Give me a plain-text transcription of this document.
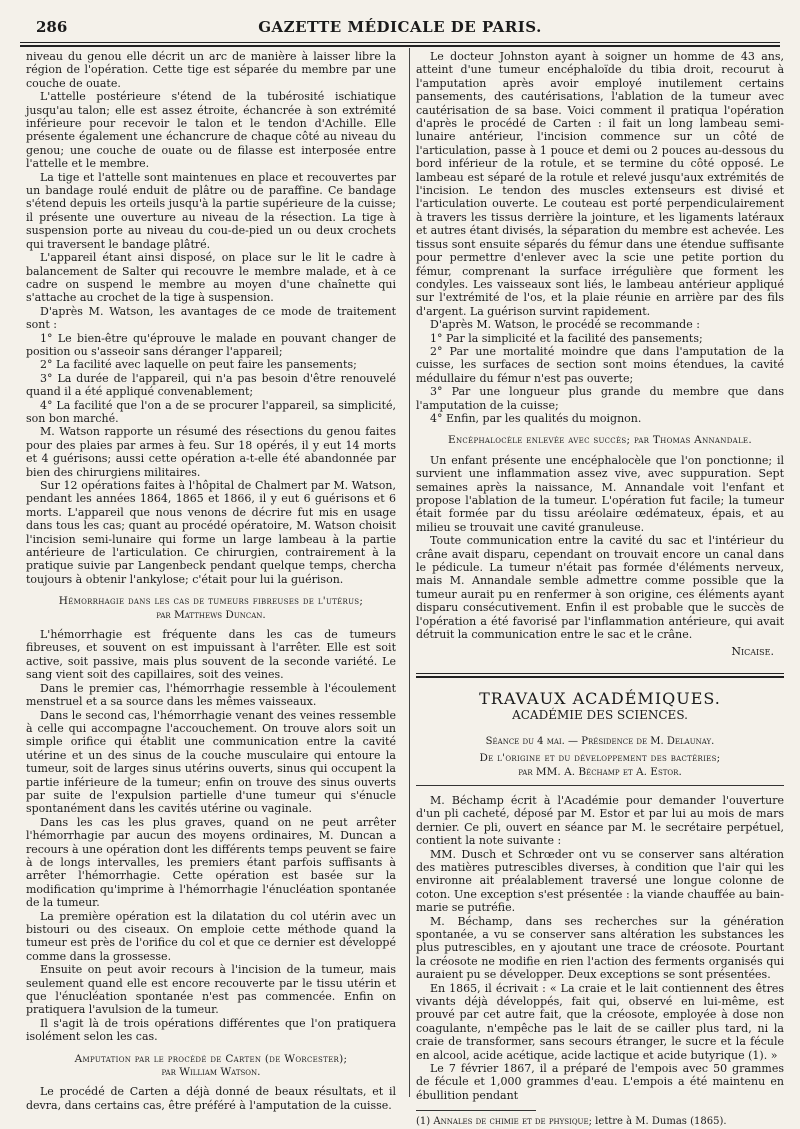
286	GAZETTE MÉDICALE DE PARIS.

niveau du genou elle décrit un arc de manière à laisser libre la région de l'opération. Cette tige est séparée du membre par une couche de ouate.

L'attelle postérieure s'étend de la tubérosité ischiatique jusqu'au talon; elle est assez étroite, échancrée à son extrémité inférieure pour recevoir le talon et le tendon d'Achille. Elle présente également une échancrure de chaque côté au niveau du genou; une couche de ouate ou de filasse est interposée entre l'attelle et le membre.

La tige et l'attelle sont maintenues en place et recouvertes par un bandage roulé enduit de plâtre ou de paraffine. Ce bandage s'étend depuis les orteils jusqu'à la partie supérieure de la cuisse; il présente une ouverture au niveau de la résection. La tige à suspension porte au niveau du cou-de-pied un ou deux crochets qui traversent le bandage plâtré.

L'appareil étant ainsi disposé, on place sur le lit le cadre à balancement de Salter qui recouvre le membre malade, et à ce cadre on suspend le membre au moyen d'une chaînette qui s'attache au crochet de la tige à suspension.

D'après M. Watson, les avantages de ce mode de traitement sont :

1° Le bien-être qu'éprouve le malade en pouvant changer de position ou s'asseoir sans déranger l'appareil;

2° La facilité avec laquelle on peut faire les pansements;

3° La durée de l'appareil, qui n'a pas besoin d'être renouvelé quand il a été appliqué convenablement;

4° La facilité que l'on a de se procurer l'appareil, sa simplicité, son bon marché.

M. Watson rapporte un résumé des résections du genou faites pour des plaies par armes à feu. Sur 18 opérés, il y eut 14 morts et 4 guérisons; aussi cette opération a-t-elle été abandonnée par bien des chirurgiens militaires.

Sur 12 opérations faites à l'hôpital de Chalmert par M. Watson, pendant les années 1864, 1865 et 1866, il y eut 6 guérisons et 6 morts. L'appareil que nous venons de décrire fut mis en usage dans tous les cas; quant au procédé opératoire, M. Watson choisit l'incision semi-lunaire qui forme un large lambeau à la partie antérieure de l'articulation. Ce chirurgien, contrairement à la pratique suivie par Langenbeck pendant quelque temps, chercha toujours à obtenir l'ankylose; c'était pour lui la guérison.

Hémorrhagie dans les cas de tumeurs fibreuses de l'utérus;
par Matthews Duncan.

L'hémorrhagie est fréquente dans les cas de tumeurs fibreuses, et souvent on est impuissant à l'arrêter. Elle est soit active, soit passive, mais plus souvent de la seconde variété. Le sang vient soit des capillaires, soit des veines.

Dans le premier cas, l'hémorrhagie ressemble à l'écoulement menstruel et a sa source dans les mêmes vaisseaux.

Dans le second cas, l'hémorrhagie venant des veines ressemble à celle qui accompagne l'accouchement. On trouve alors soit un simple orifice qui établit une communication entre la cavité utérine et un des sinus de la couche musculaire qui entoure la tumeur, soit de larges sinus utérins ouverts, sinus qui occupent la partie inférieure de la tumeur; enfin on trouve des sinus ouverts par suite de l'expulsion partielle d'une tumeur qui s'énucle spontanément dans les cavités utérine ou vaginale.

Dans les cas les plus graves, quand on ne peut arrêter l'hémorrhagie par aucun des moyens ordinaires, M. Duncan a recours à une opération dont les différents temps peuvent se faire à de longs intervalles, les premiers étant parfois suffisants à arrêter l'hémorrhagie. Cette opération est basée sur la modification qu'imprime à l'hémorrhagie l'énucléation spontanée de la tumeur.

La première opération est la dilatation du col utérin avec un bistouri ou des ciseaux. On emploie cette méthode quand la tumeur est près de l'orifice du col et que ce dernier est développé comme dans la grossesse.

Ensuite on peut avoir recours à l'incision de la tumeur, mais seulement quand elle est encore recouverte par le tissu utérin et que l'énucléation spontanée n'est pas commencée. Enfin on pratiquera l'avulsion de la tumeur.

Il s'agit là de trois opérations différentes que l'on pratiquera isolément selon les cas.

Amputation par le procédé de Carten (de Worcester);
par William Watson.

Le procédé de Carten a déjà donné de beaux résultats, et il devra, dans certains cas, être préféré à l'amputation de la cuisse.

Le docteur Johnston ayant à soigner un homme de 43 ans, atteint d'une tumeur encéphaloïde du tibia droit, recourut à l'amputation après avoir employé inutilement certains pansements, des cautérisations, l'ablation de la tumeur avec cautérisation de sa base. Voici comment il pratiqua l'opération d'après le procédé de Carten : il fait un long lambeau semi-lunaire antérieur, l'incision commence sur un côté de l'articulation, passe à 1 pouce et demi ou 2 pouces au-dessous du bord inférieur de la rotule, et se termine du côté opposé. Le lambeau est séparé de la rotule et relevé jusqu'aux extrémités de l'incision. Le tendon des muscles extenseurs est divisé et l'articulation ouverte. Le couteau est porté perpendiculairement à travers les tissus derrière la jointure, et les ligaments latéraux et autres étant divisés, la séparation du membre est achevée. Les tissus sont ensuite séparés du fémur dans une étendue suffisante pour permettre d'enlever avec la scie une petite portion du fémur, comprenant la surface irrégulière que forment les condyles. Les vaisseaux sont liés, le lambeau antérieur appliqué sur l'extrémité de l'os, et la plaie réunie en arrière par des fils d'argent. La guérison survint rapidement.

D'après M. Watson, le procédé se recommande :

1° Par la simplicité et la facilité des pansements;

2° Par une mortalité moindre que dans l'amputation de la cuisse, les surfaces de section sont moins étendues, la cavité médullaire du fémur n'est pas ouverte;

3° Par une longueur plus grande du membre que dans l'amputation de la cuisse;

4° Enfin, par les qualités du moignon.

Encéphalocèle enlevée avec succès; par Thomas Annandale.

Un enfant présente une encéphalocèle que l'on ponctionne; il survient une inflammation assez vive, avec suppuration. Sept semaines après la naissance, M. Annandale voit l'enfant et propose l'ablation de la tumeur. L'opération fut facile; la tumeur était formée par du tissu aréolaire œdémateux, épais, et au milieu se trouvait une cavité granuleuse.

Toute communication entre la cavité du sac et l'intérieur du crâne avait disparu, cependant on trouvait encore un canal dans le pédicule. La tumeur n'était pas formée d'éléments nerveux, mais M. Annandale semble admettre comme possible que la tumeur aurait pu en renfermer à son origine, ces éléments ayant disparu consécutivement. Enfin il est probable que le succès de l'opération a été favorisé par l'inflammation antérieure, qui avait détruit la communication entre le sac et le crâne.

Nicaise.

TRAVAUX ACADÉMIQUES.

ACADÉMIE DES SCIENCES.

Séance du 4 mai. — Présidence de M. Delaunay.

De l'origine et du développement des bactéries;
par MM. A. Béchamp et A. Estor.

M. Béchamp écrit à l'Académie pour demander l'ouverture d'un pli cacheté, déposé par M. Estor et par lui au mois de mars dernier. Ce pli, ouvert en séance par M. le secrétaire perpétuel, contient la note suivante :

MM. Dusch et Schrœder ont vu se conserver sans altération des matières putrescibles diverses, à condition que l'air qui les environne ait préalablement traversé une longue colonne de coton. Une exception s'est présentée : la viande chauffée au bain-marie se putréfie.

M. Béchamp, dans ses recherches sur la génération spontanée, a vu se conserver sans altération les substances les plus putrescibles, en y ajoutant une trace de créosote. Pourtant la créosote ne modifie en rien l'action des ferments organisés qui auraient pu se développer. Deux exceptions se sont présentées.

En 1865, il écrivait : « La craie et le lait contiennent des êtres vivants déjà développés, fait qui, observé en lui-même, est prouvé par cet autre fait, que la créosote, employée à dose non coagulante, n'empêche pas le lait de se cailler plus tard, ni la craie de transformer, sans secours étranger, le sucre et la fécule en alcool, acide acétique, acide lactique et acide butyrique (1). »

Le 7 février 1867, il a préparé de l'empois avec 50 grammes de fécule et 1,000 grammes d'eau. L'empois a été maintenu en ébullition pendant

(1) Annales de chimie et de physique; lettre à M. Dumas (1865).
